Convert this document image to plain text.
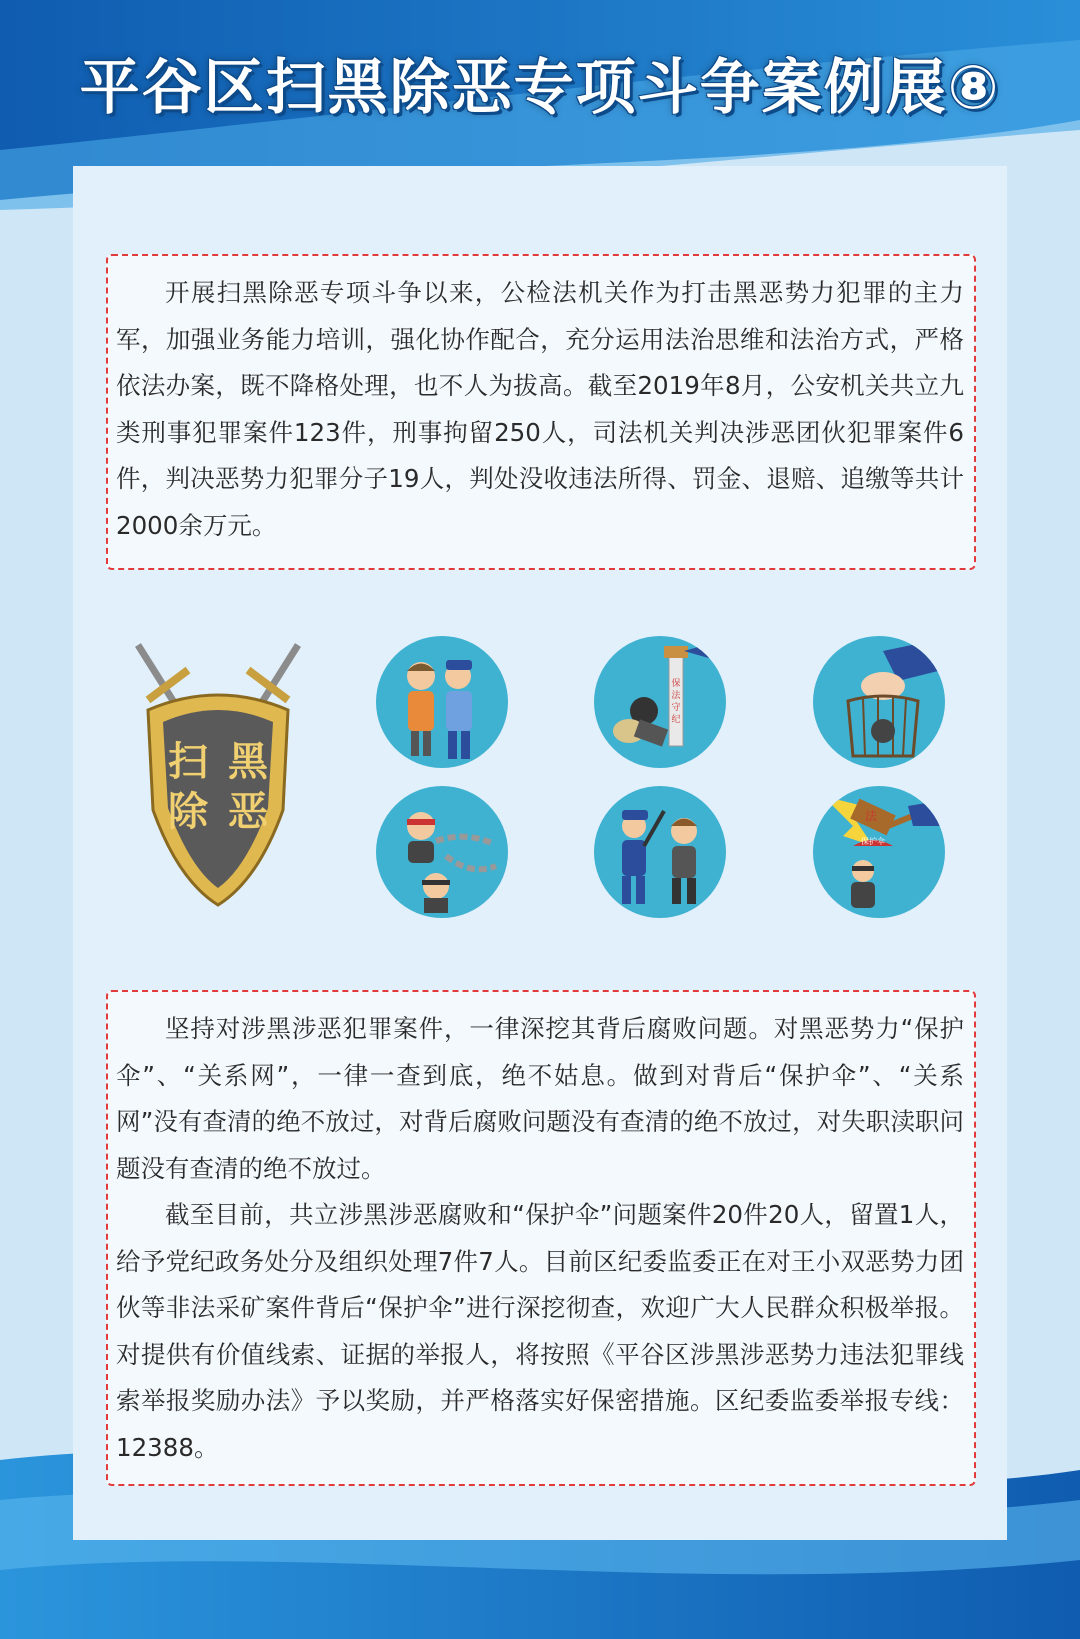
平谷区扫黑除恶专项斗争案例展⑧

开展扫黑除恶专项斗争以来，公检法机关作为打击黑恶势力犯罪的主力军，加强业务能力培训，强化协作配合，充分运用法治思维和法治方式，严格依法办案，既不降格处理，也不人为拔高。截至2019年8月，公安机关共立九类刑事犯罪案件123件，刑事拘留250人，司法机关判决涉恶团伙犯罪案件6件，判决恶势力犯罪分子19人，判处没收违法所得、罚金、退赔、追缴等共计2000余万元。

扫黑
除恶
保
法
守
纪
法
保护伞

坚持对涉黑涉恶犯罪案件，一律深挖其背后腐败问题。对黑恶势力“保护伞”、“关系网”，一律一查到底，绝不姑息。做到对背后“保护伞”、“关系网”没有查清的绝不放过，对背后腐败问题没有查清的绝不放过，对失职渎职问题没有查清的绝不放过。

截至目前，共立涉黑涉恶腐败和“保护伞”问题案件20件20人，留置1人，给予党纪政务处分及组织处理7件7人。目前区纪委监委正在对王小双恶势力团伙等非法采矿案件背后“保护伞”进行深挖彻查，欢迎广大人民群众积极举报。对提供有价值线索、证据的举报人，将按照《平谷区涉黑涉恶势力违法犯罪线索举报奖励办法》予以奖励，并严格落实好保密措施。区纪委监委举报专线：12388。
